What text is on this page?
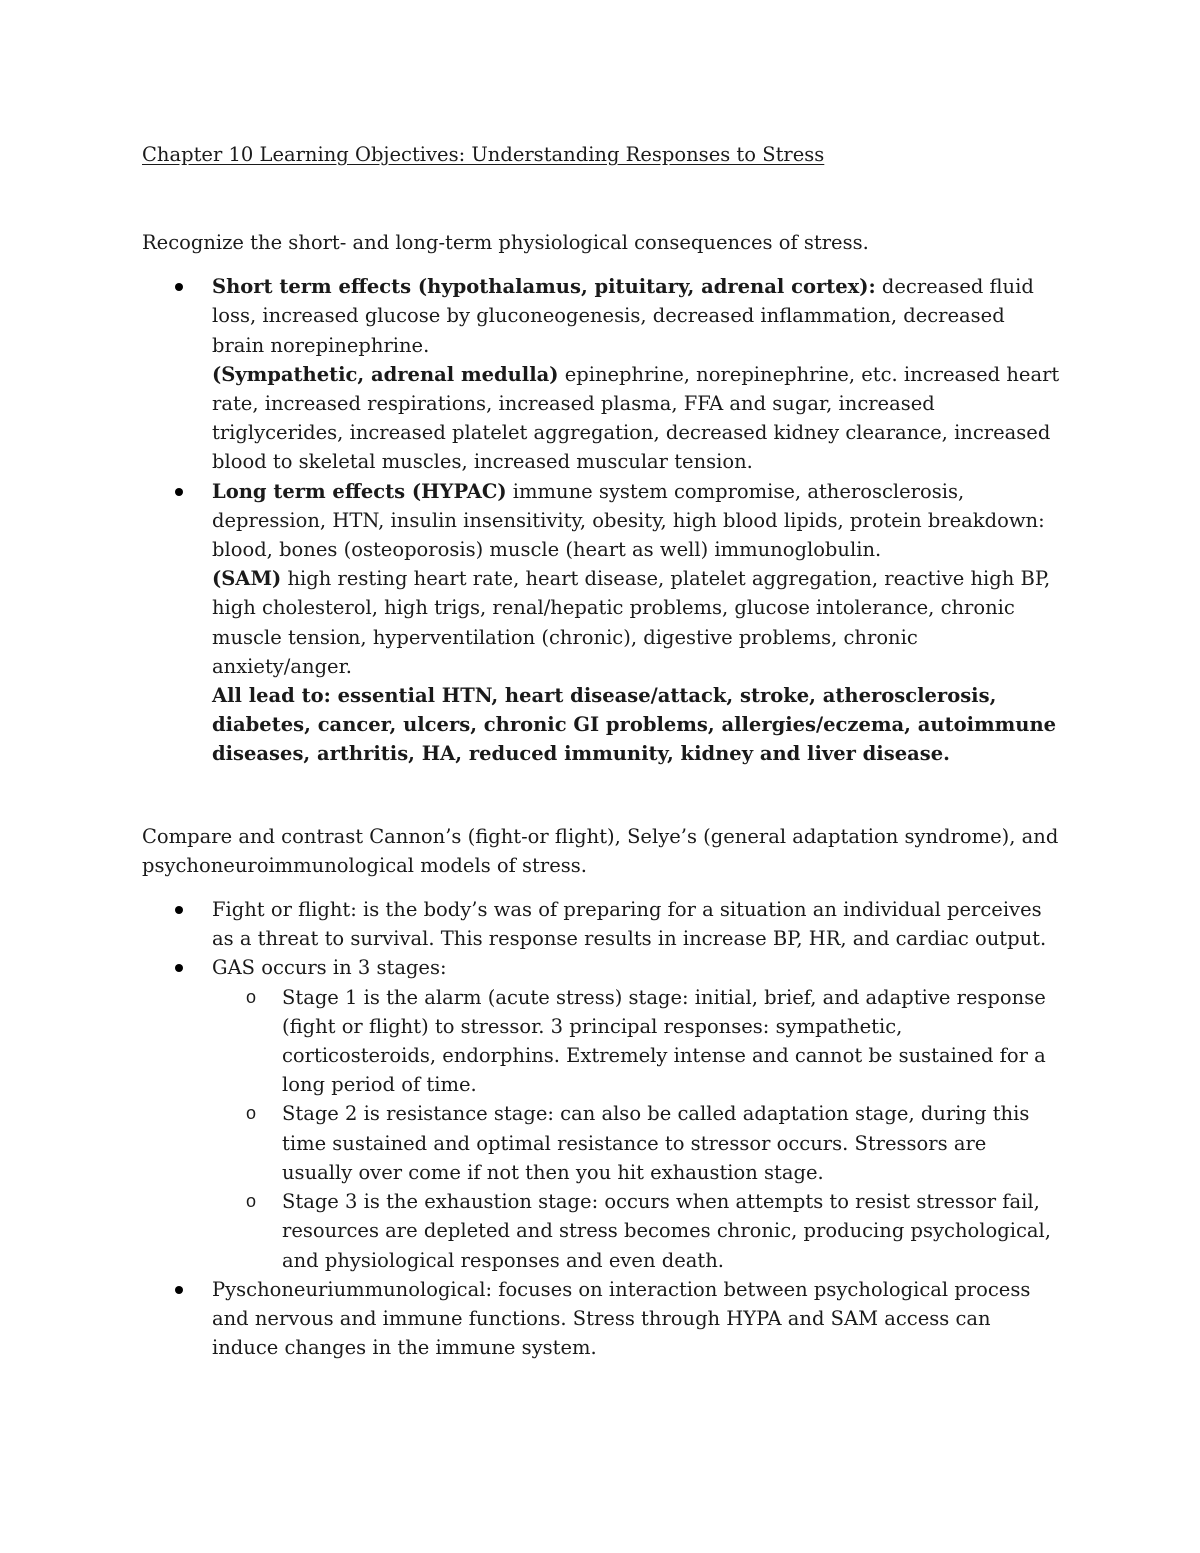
Chapter 10 Learning Objectives: Understanding Responses to Stress

Recognize the short- and long-term physiological consequences of stress.

Short term effects (hypothalamus, pituitary, adrenal cortex): decreased fluid loss, increased glucose by gluconeogenesis, decreased inflammation, decreased brain norepinephrine.
(Sympathetic, adrenal medulla) epinephrine, norepinephrine, etc. increased heart rate, increased respirations, increased plasma, FFA and sugar, increased triglycerides, increased platelet aggregation, decreased kidney clearance, increased blood to skeletal muscles, increased muscular tension.
Long term effects (HYPAC) immune system compromise, atherosclerosis, depression, HTN, insulin insensitivity, obesity, high blood lipids, protein breakdown: blood, bones (osteoporosis) muscle (heart as well) immunoglobulin.
(SAM) high resting heart rate, heart disease, platelet aggregation, reactive high BP, high cholesterol, high trigs, renal/hepatic problems, glucose intolerance, chronic muscle tension, hyperventilation (chronic), digestive problems, chronic anxiety/anger.
All lead to: essential HTN, heart disease/attack, stroke, atherosclerosis, diabetes, cancer, ulcers, chronic GI problems, allergies/eczema, autoimmune diseases, arthritis, HA, reduced immunity, kidney and liver disease.

Compare and contrast Cannon’s (fight-or flight), Selye’s (general adaptation syndrome), and psychoneuroimmunological models of stress.

Fight or flight: is the body’s was of preparing for a situation an individual perceives as a threat to survival. This response results in increase BP, HR, and cardiac output.
GAS occurs in 3 stages:
o Stage 1 is the alarm (acute stress) stage: initial, brief, and adaptive response (fight or flight) to stressor. 3 principal responses: sympathetic, corticosteroids, endorphins. Extremely intense and cannot be sustained for a long period of time.
o Stage 2 is resistance stage: can also be called adaptation stage, during this time sustained and optimal resistance to stressor occurs. Stressors are usually over come if not then you hit exhaustion stage.
o Stage 3 is the exhaustion stage: occurs when attempts to resist stressor fail, resources are depleted and stress becomes chronic, producing psychological, and physiological responses and even death.
Pyschoneuriummunological: focuses on interaction between psychological process and nervous and immune functions. Stress through HYPA and SAM access can induce changes in the immune system.
